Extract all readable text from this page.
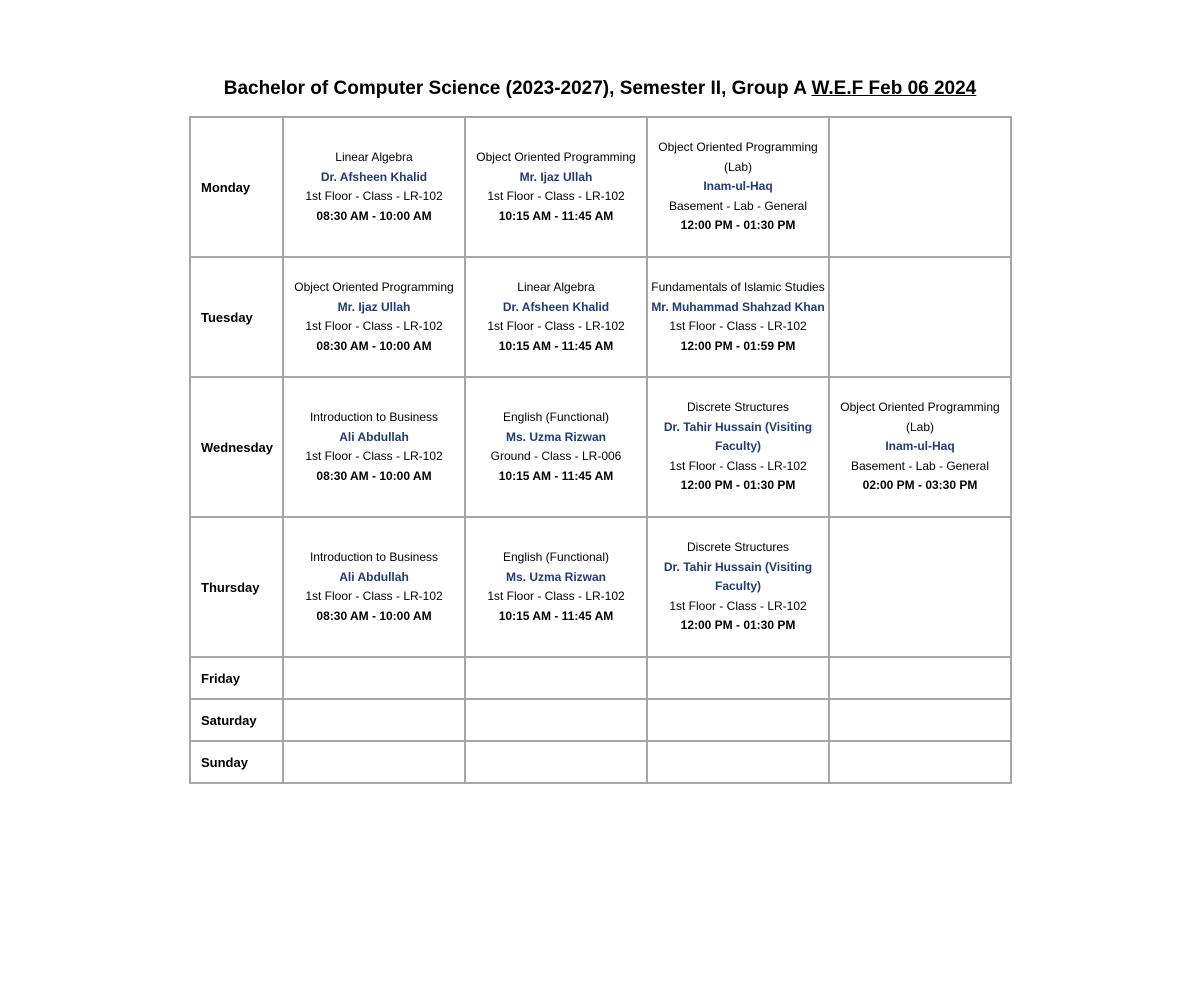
Bachelor of Computer Science (2023-2027), Semester II, Group A W.E.F Feb 06 2024
Monday	Linear Algebra
Dr. Afsheen Khalid
1st Floor - Class - LR-102
08:30 AM - 10:00 AM	Object Oriented Programming
Mr. Ijaz Ullah
1st Floor - Class - LR-102
10:15 AM - 11:45 AM	Object Oriented Programming (Lab)
Inam-ul-Haq
Basement - Lab - General
12:00 PM - 01:30 PM	

Tuesday	Object Oriented Programming
Mr. Ijaz Ullah
1st Floor - Class - LR-102
08:30 AM - 10:00 AM	Linear Algebra
Dr. Afsheen Khalid
1st Floor - Class - LR-102
10:15 AM - 11:45 AM	Fundamentals of Islamic Studies
Mr. Muhammad Shahzad Khan
1st Floor - Class - LR-102
12:00 PM - 01:59 PM	

Wednesday	Introduction to Business
Ali Abdullah
1st Floor - Class - LR-102
08:30 AM - 10:00 AM	English (Functional)
Ms. Uzma Rizwan
Ground - Class - LR-006
10:15 AM - 11:45 AM	Discrete Structures
Dr. Tahir Hussain (Visiting Faculty)
1st Floor - Class - LR-102
12:00 PM - 01:30 PM	Object Oriented Programming (Lab)
Inam-ul-Haq
Basement - Lab - General
02:00 PM - 03:30 PM

Thursday	Introduction to Business
Ali Abdullah
1st Floor - Class - LR-102
08:30 AM - 10:00 AM	English (Functional)
Ms. Uzma Rizwan
1st Floor - Class - LR-102
10:15 AM - 11:45 AM	Discrete Structures
Dr. Tahir Hussain (Visiting Faculty)
1st Floor - Class - LR-102
12:00 PM - 01:30 PM	

Friday				
Saturday				
Sunday				
